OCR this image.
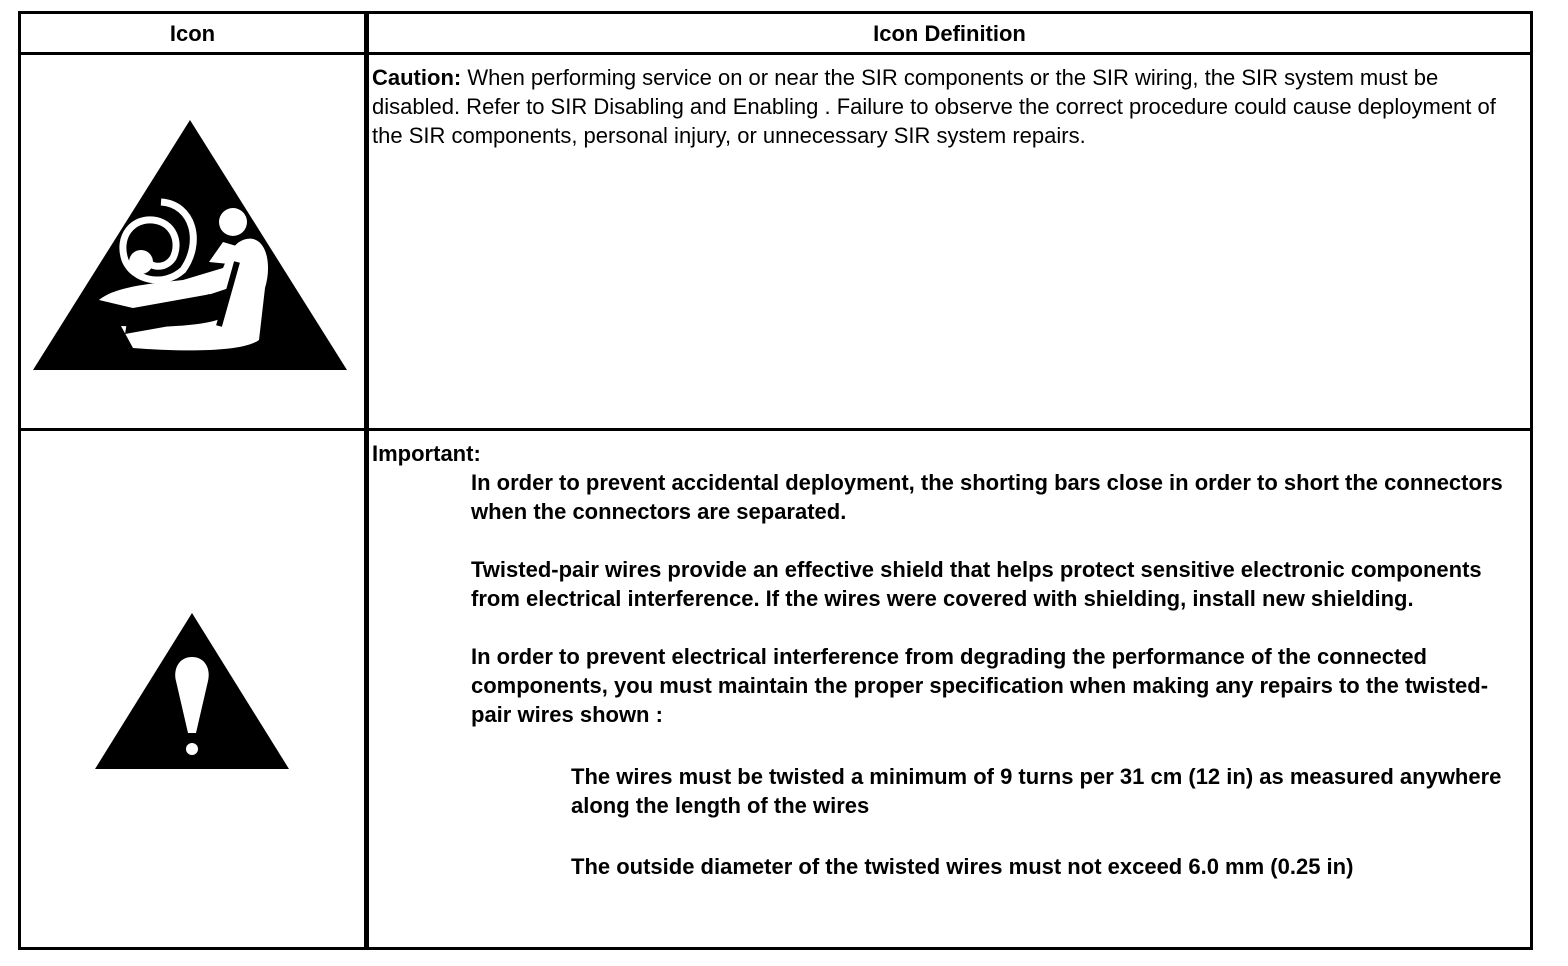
Icon	Icon Definition
Caution: When performing service on or near the SIR components or the SIR wiring, the SIR system must be disabled. Refer to SIR Disabling and Enabling . Failure to observe the correct procedure could cause deployment of the SIR components, personal injury, or unnecessary SIR system repairs.
Important:

In order to prevent accidental deployment, the shorting bars close in order to short the connectors when the connectors are separated.

Twisted-pair wires provide an effective shield that helps protect sensitive electronic components from electrical interference. If the wires were covered with shielding, install new shielding.

In order to prevent electrical interference from degrading the performance of the connected components, you must maintain the proper specification when making any repairs to the twisted-pair wires shown :

The wires must be twisted a minimum of 9 turns per 31 cm (12 in) as measured anywhere along the length of the wires

The outside diameter of the twisted wires must not exceed 6.0 mm (0.25 in)
